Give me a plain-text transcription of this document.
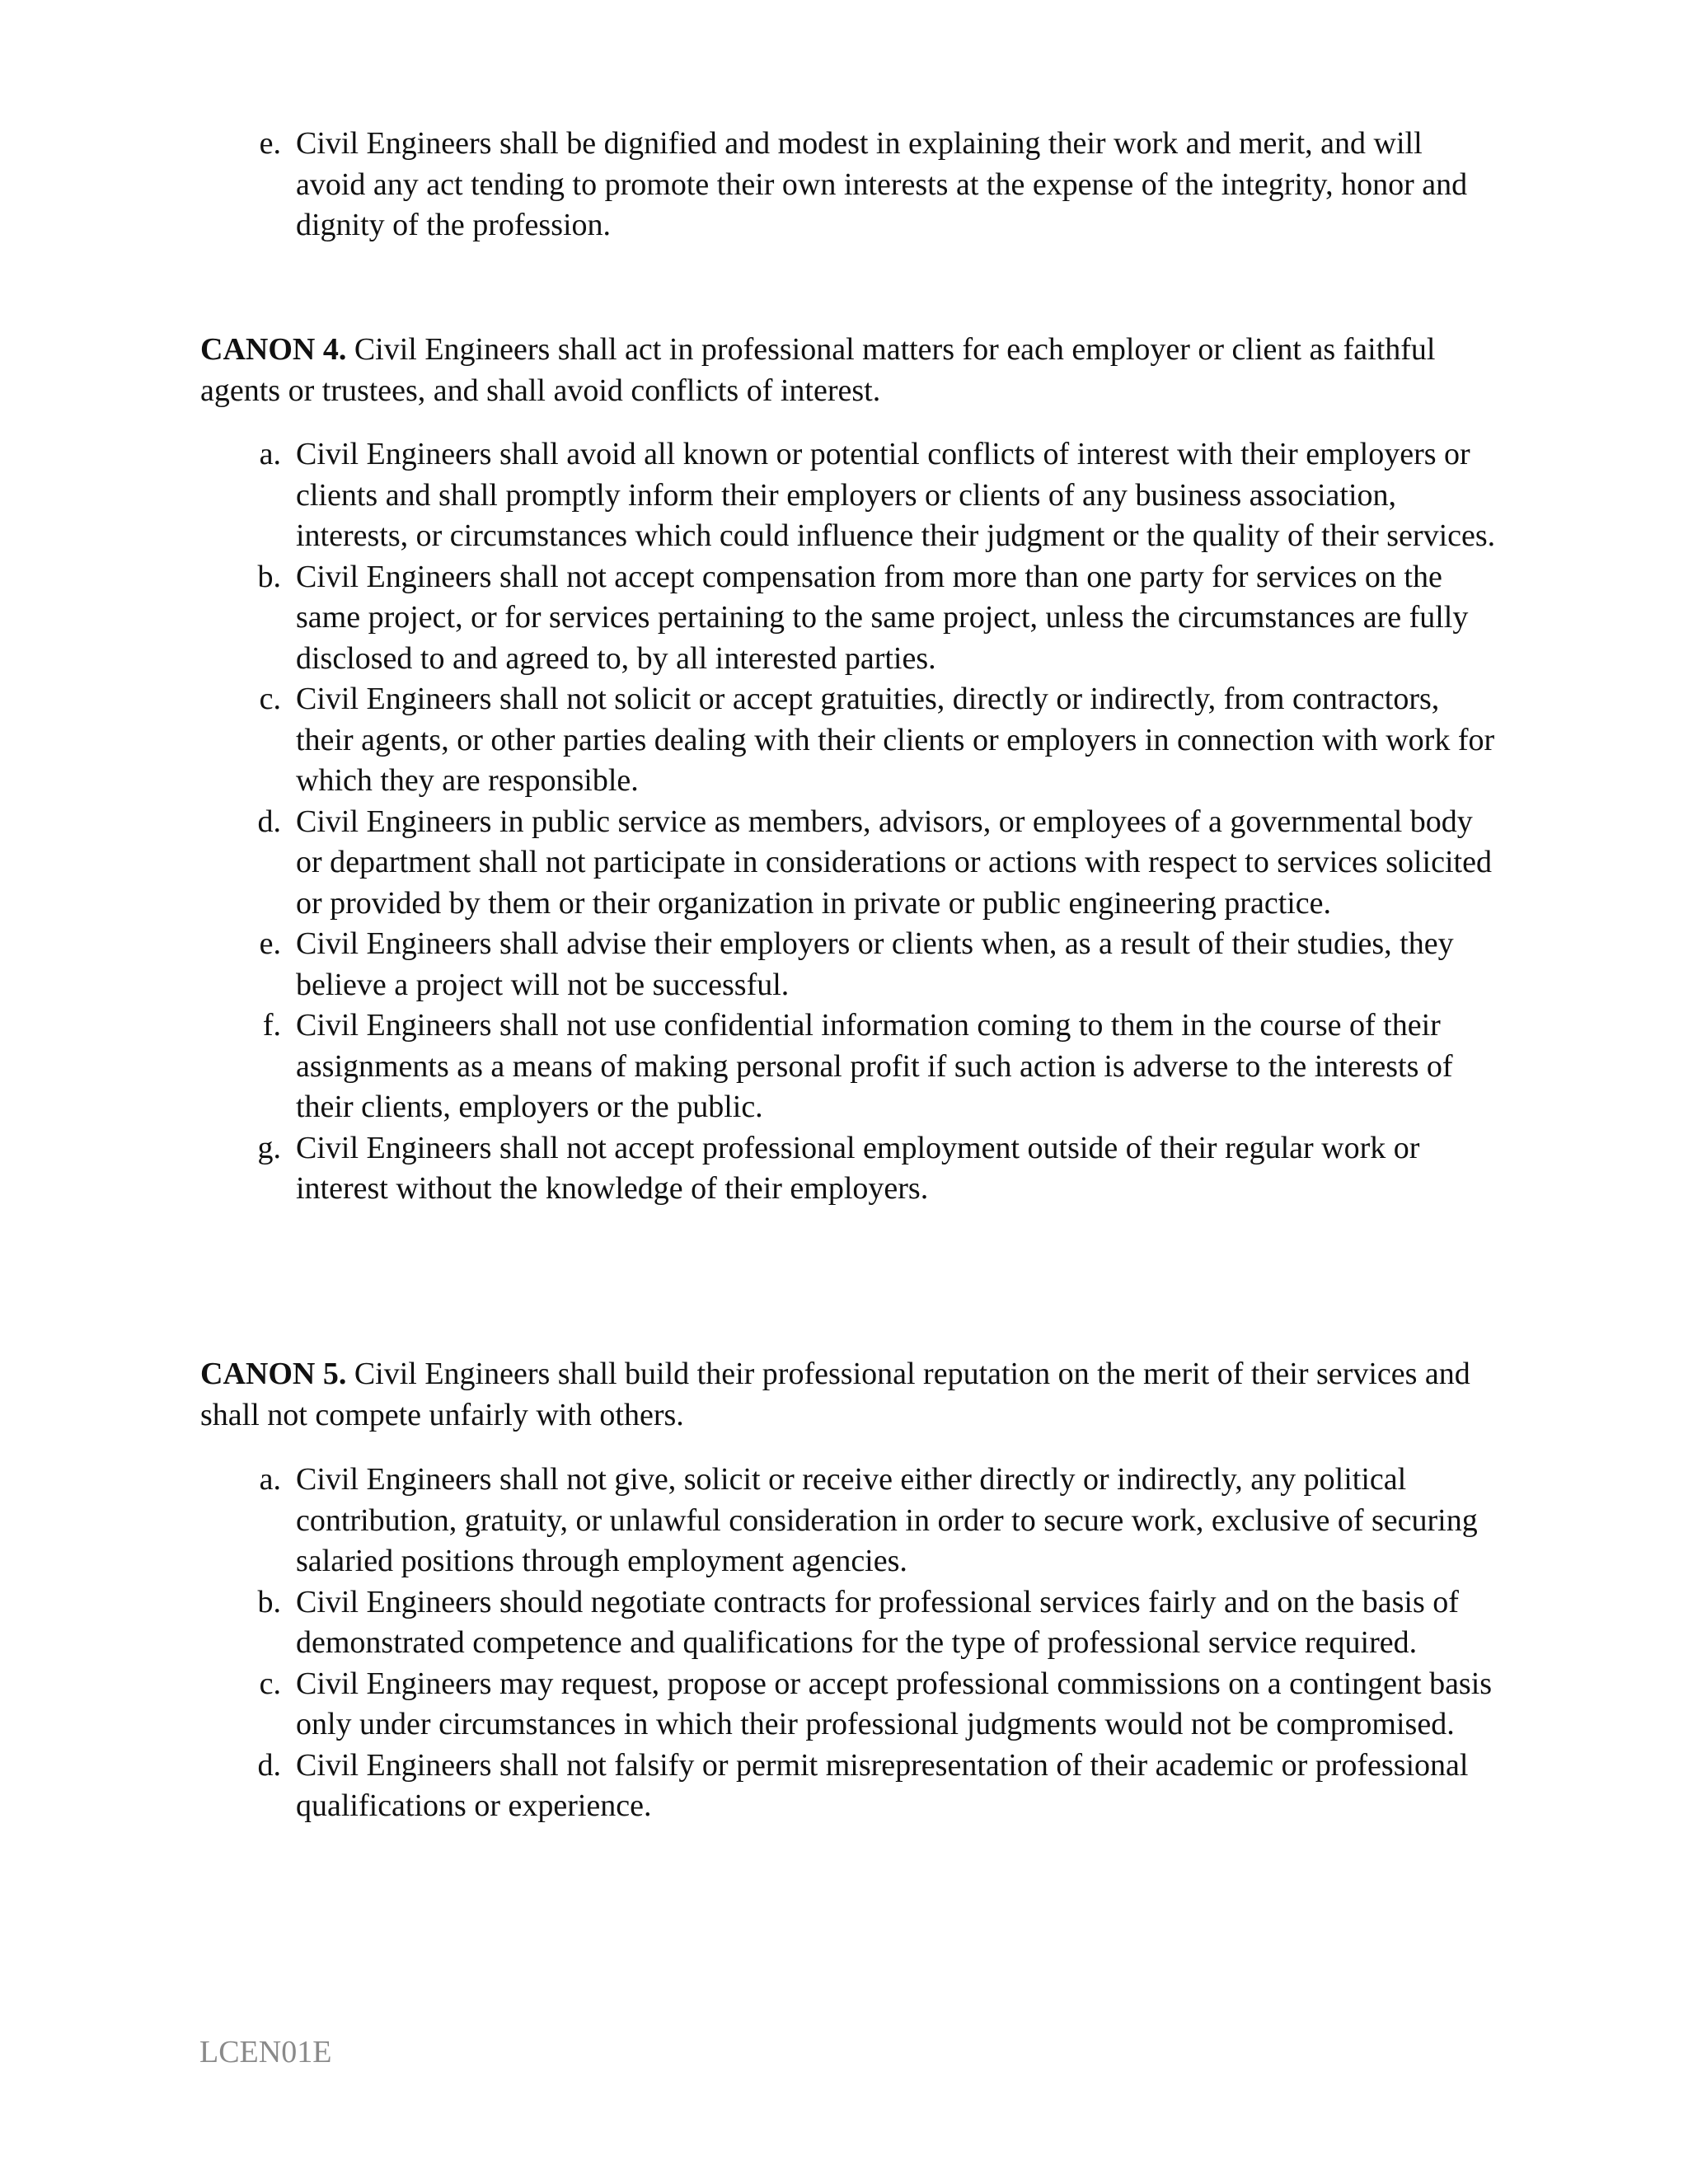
e. Civil Engineers shall be dignified and modest in explaining their work and merit, and will avoid any act tending to promote their own interests at the expense of the integrity, honor and dignity of the profession.

CANON 4. Civil Engineers shall act in professional matters for each employer or client as faithful agents or trustees, and shall avoid conflicts of interest.

a. Civil Engineers shall avoid all known or potential conflicts of interest with their employers or clients and shall promptly inform their employers or clients of any business association, interests, or circumstances which could influence their judgment or the quality of their services.
b. Civil Engineers shall not accept compensation from more than one party for services on the same project, or for services pertaining to the same project, unless the circumstances are fully disclosed to and agreed to, by all interested parties.
c. Civil Engineers shall not solicit or accept gratuities, directly or indirectly, from contractors, their agents, or other parties dealing with their clients or employers in connection with work for which they are responsible.
d. Civil Engineers in public service as members, advisors, or employees of a governmental body or department shall not participate in considerations or actions with respect to services solicited or provided by them or their organization in private or public engineering practice.
e. Civil Engineers shall advise their employers or clients when, as a result of their studies, they believe a project will not be successful.
f. Civil Engineers shall not use confidential information coming to them in the course of their assignments as a means of making personal profit if such action is adverse to the interests of their clients, employers or the public.
g. Civil Engineers shall not accept professional employment outside of their regular work or interest without the knowledge of their employers.

CANON 5. Civil Engineers shall build their professional reputation on the merit of their services and shall not compete unfairly with others.

a. Civil Engineers shall not give, solicit or receive either directly or indirectly, any political contribution, gratuity, or unlawful consideration in order to secure work, exclusive of securing salaried positions through employment agencies.
b. Civil Engineers should negotiate contracts for professional services fairly and on the basis of demonstrated competence and qualifications for the type of professional service required.
c. Civil Engineers may request, propose or accept professional commissions on a contingent basis only under circumstances in which their professional judgments would not be compromised.
d. Civil Engineers shall not falsify or permit misrepresentation of their academic or professional qualifications or experience.
LCEN01E
